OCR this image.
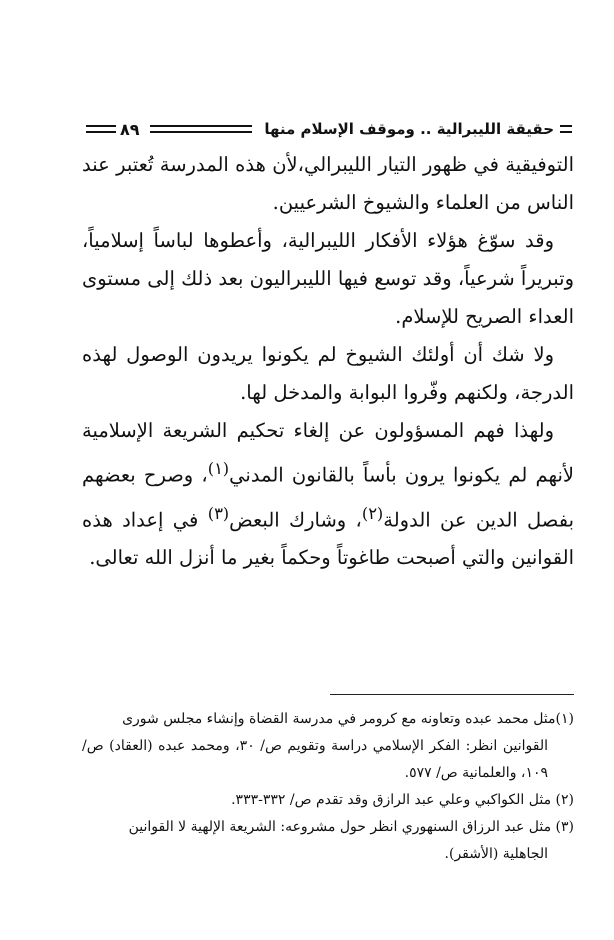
حقيقة الليبرالية .. وموقف الإسلام منها
٨٩

التوفيقية في ظهور التيار الليبرالي،لأن هذه المدرسة تُعتبر عند الناس من العلماء والشيوخ الشرعيين.

وقد سوّغ هؤلاء الأفكار الليبرالية، وأعطوها لباساً إسلامياً، وتبريراً شرعياً، وقد توسع فيها الليبراليون بعد ذلك إلى مستوى العداء الصريح للإسلام.

ولا شك أن أولئك الشيوخ لم يكونوا يريدون الوصول لهذه الدرجة، ولكنهم وفّروا البوابة والمدخل لها.

ولهذا فهم المسؤولون عن إلغاء تحكيم الشريعة الإسلامية لأنهم لم يكونوا يرون بأساً بالقانون المدني$^{(١)}$، وصرح بعضهم بفصل الدين عن الدولة$^{(٢)}$، وشارك البعض$^{(٣)}$ في إعداد هذه القوانين والتي أصبحت طاغوتاً وحكماً بغير ما أنزل الله تعالى.

(١)مثل محمد عبده وتعاونه مع كرومر في مدرسة القضاة وإنشاء مجلس شورى

القوانين انظر: الفكر الإسلامي دراسة وتقويم ص/ ٣٠، ومحمد عبده (العقاد) ص/ ١٠٩، والعلمانية ص/ ٥٧٧.

(٢) مثل الكواكبي وعلي عبد الرازق وقد تقدم ص/ ٣٣٢-٣٣٣.

(٣) مثل عبد الرزاق السنهوري انظر حول مشروعه: الشريعة الإلهية لا القوانين

الجاهلية (الأشقر).
